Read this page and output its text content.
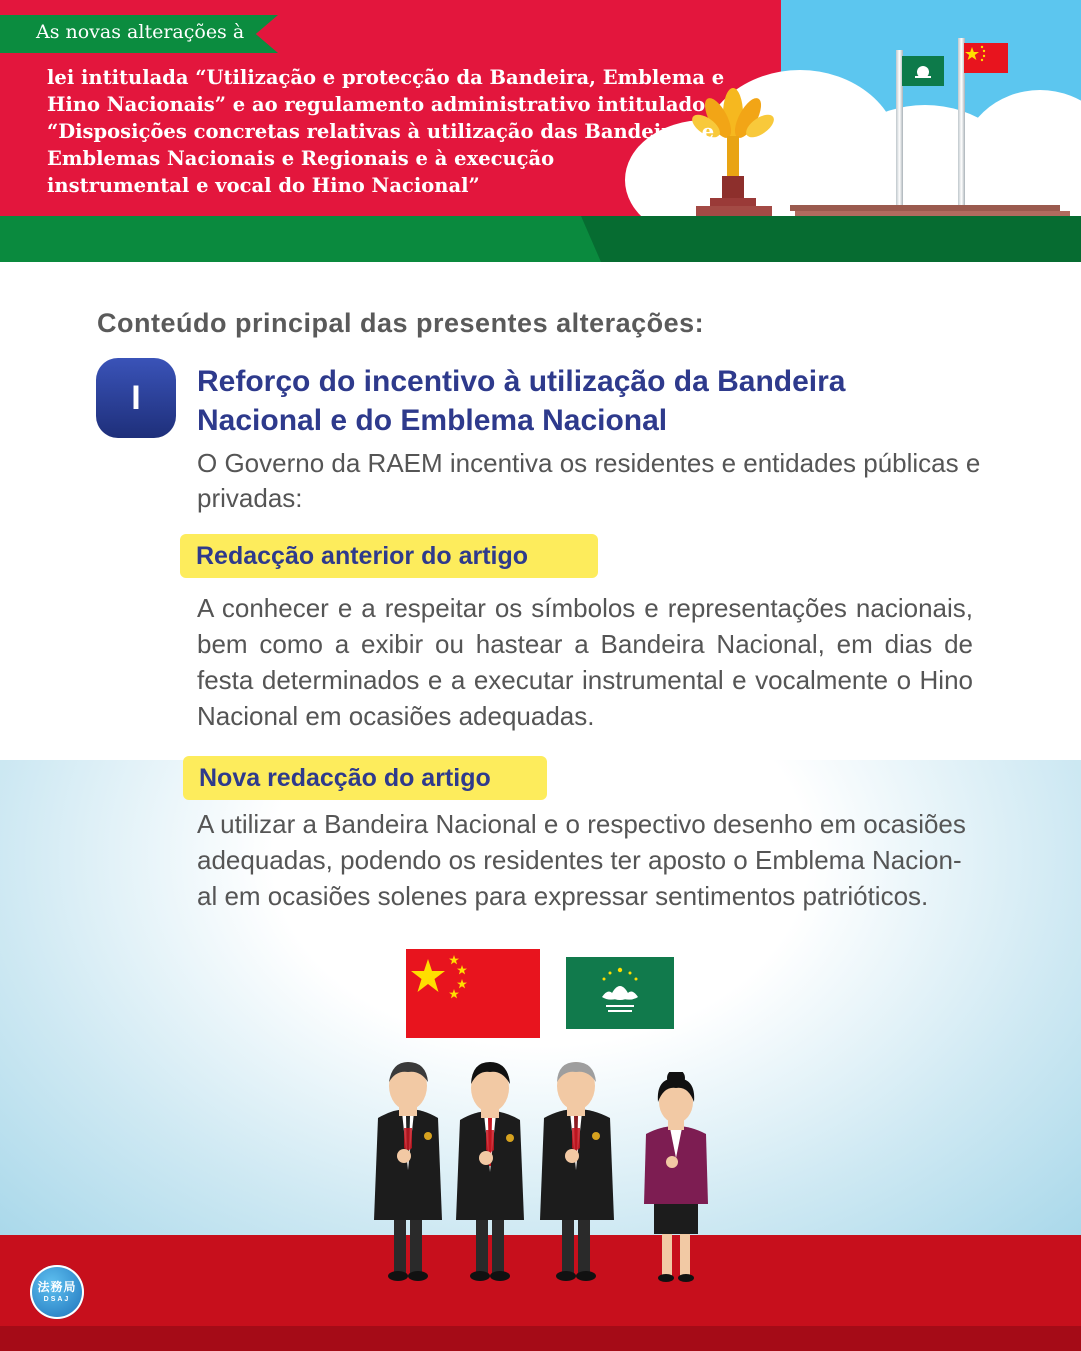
As novas alterações à
lei intitulada “Utilização e protecção da Bandeira, Emblema e
Hino Nacionais” e ao regulamento administrativo intitulado
“Disposições concretas relativas à utilização das Bandeiras e
Emblemas Nacionais e Regionais e à execução
instrumental e vocal do Hino Nacional”
Conteúdo principal das presentes alterações:
I	Reforço do incentivo à utilização da Bandeira
Nacional e do Emblema Nacional
O Governo da RAEM incentiva os residentes e entidades públicas e privadas:
Redacção anterior do artigo
A conhecer e a respeitar os símbolos e representações nacionais, bem como a exibir ou hastear a Bandeira Nacional, em dias de festa determinados e a executar instrumental e vocalmente o Hino Nacional em ocasiões adequadas.
Nova redacção do artigo
A utilizar a Bandeira Nacional e o respectivo desenho em ocasiões
adequadas, podendo os residentes ter aposto o Emblema Nacion-
al em ocasiões solenes para expressar sentimentos patrióticos.
法務局
DSAJ
